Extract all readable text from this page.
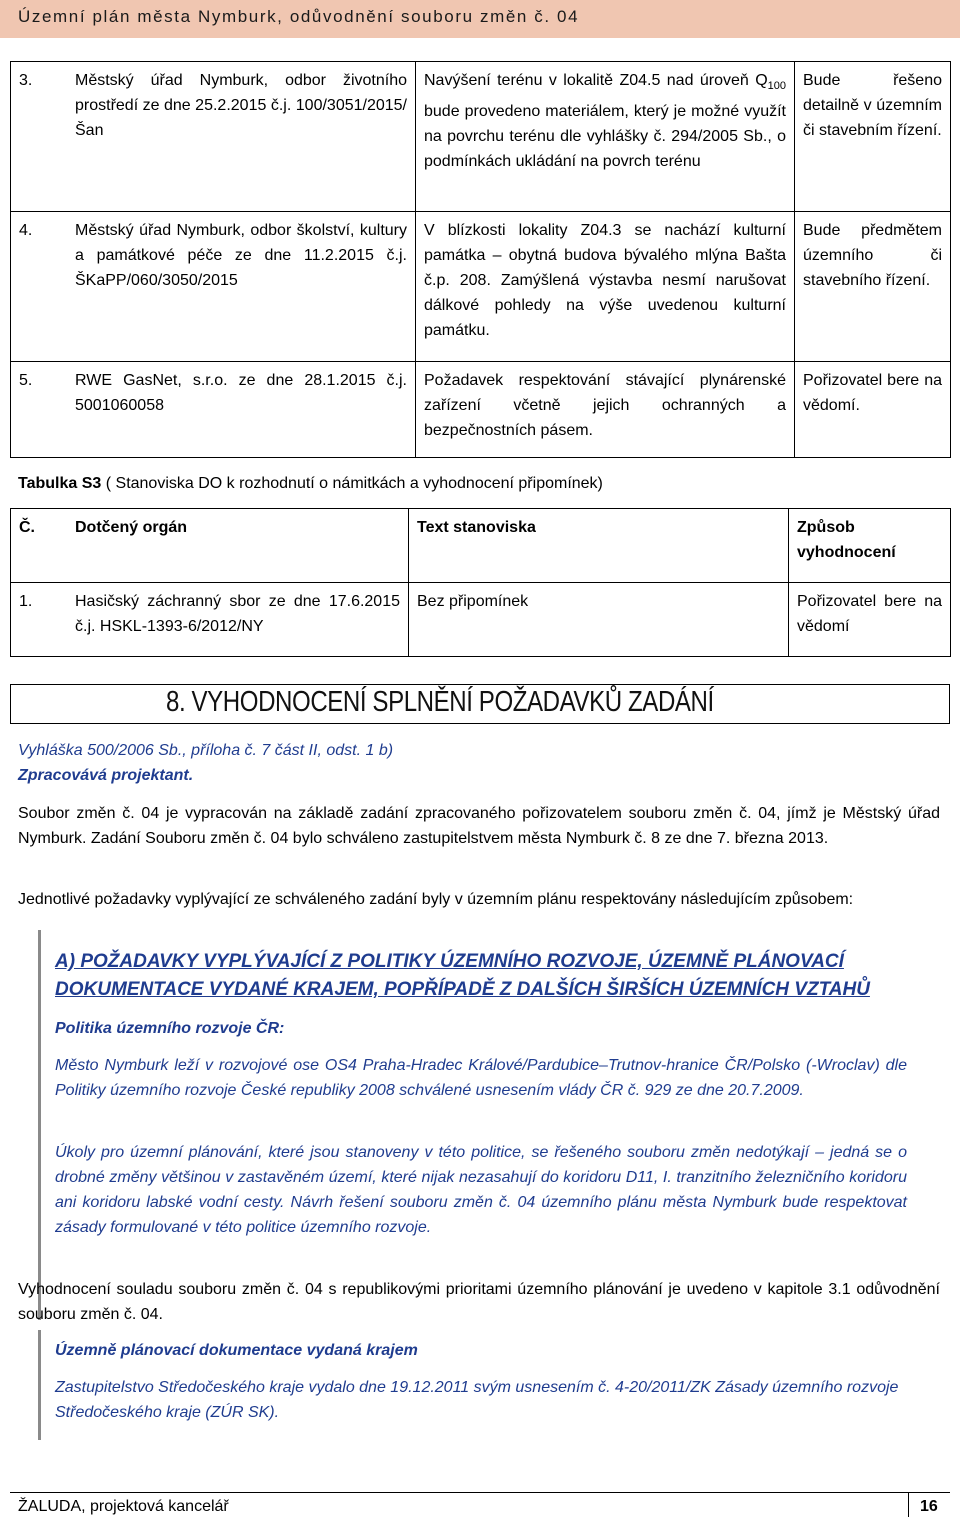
Územní plán města Nymburk, odůvodnění souboru změn č. 04
3. Městský úřad Nymburk, odbor životního prostředí ze dne 25.2.2015 č.j. 100/3051/2015/Šan	Navýšení terénu v lokalitě Z04.5 nad úroveň $Q_{100}$ bude provedeno materiálem, který je možné využít na povrchu terénu dle vyhlášky č. 294/2005 Sb., o podmínkách ukládání na povrch terénu	Bude řešeno detailně v územním či stavebním řízení.

4. Městský úřad Nymburk, odbor školství, kultury a památkové péče ze dne 11.2.2015 č.j. ŠKaPP/060/3050/2015	V blízkosti lokality Z04.3 se nachází kulturní památka – obytná budova bývalého mlýna Bašta č.p. 208. Zamýšlená výstavba nesmí narušovat dálkové pohledy na výše uvedenou kulturní památku.	Bude předmětem územního či stavebního řízení.

5. RWE GasNet, s.r.o. ze dne 28.1.2015 č.j. 5001060058	Požadavek respektování stávající plynárenské zařízení včetně jejich ochranných a bezpečnostních pásem.	Pořizovatel bere na vědomí.
Tabulka S3 ( Stanoviska DO k rozhodnutí o námitkách a vyhodnocení připomínek)
Č. Dotčený orgán	Text stanoviska	Způsob vyhodnocení

1. Hasičský záchranný sbor ze dne 17.6.2015 č.j. HSKL-1393-6/2012/NY	Bez připomínek	Pořizovatel bere na vědomí
8. VYHODNOCENÍ SPLNĚNÍ POŽADAVKŮ ZADÁNÍ
Vyhláška 500/2006 Sb., příloha č. 7 část II, odst. 1 b)
Zpracovává projektant.
Soubor změn č. 04 je vypracován na základě zadání zpracovaného pořizovatelem souboru změn č. 04, jímž je Městský úřad Nymburk. Zadání Souboru změn č. 04 bylo schváleno zastupitelstvem města Nymburk č. 8 ze dne 7. března 2013.
Jednotlivé požadavky vyplývající ze schváleného zadání byly v územním plánu respektovány následujícím způsobem:
A) POŽADAVKY VYPLÝVAJÍCÍ Z POLITIKY ÚZEMNÍHO ROZVOJE, ÚZEMNĚ PLÁNOVACÍ DOKUMENTACE VYDANÉ KRAJEM, POPŘÍPADĚ Z DALŠÍCH ŠIRŠÍCH ÚZEMNÍCH VZTAHŮ
Politika územního rozvoje ČR:
Město Nymburk leží v rozvojové ose OS4 Praha-Hradec Králové/Pardubice–Trutnov-hranice ČR/Polsko (-Wroclav) dle Politiky územního rozvoje České republiky 2008 schválené usnesením vlády ČR č. 929 ze dne 20.7.2009.
Úkoly pro územní plánování, které jsou stanoveny v této politice, se řešeného souboru změn nedotýkají – jedná se o drobné změny většinou v zastavěném území, které nijak nezasahují do koridoru D11, I. tranzitního železničního koridoru ani koridoru labské vodní cesty. Návrh řešení souboru změn č. 04 územního plánu města Nymburk bude respektovat zásady formulované v této politice územního rozvoje.
Vyhodnocení souladu souboru změn č. 04 s republikovými prioritami územního plánování je uvedeno v kapitole 3.1 odůvodnění souboru změn č. 04.
Územně plánovací dokumentace vydaná krajem
Zastupitelstvo Středočeského kraje vydalo dne 19.12.2011 svým usnesením č. 4-20/2011/ZK Zásady územního rozvoje Středočeského kraje (ZÚR SK).
ŽALUDA, projektová kancelář	16
